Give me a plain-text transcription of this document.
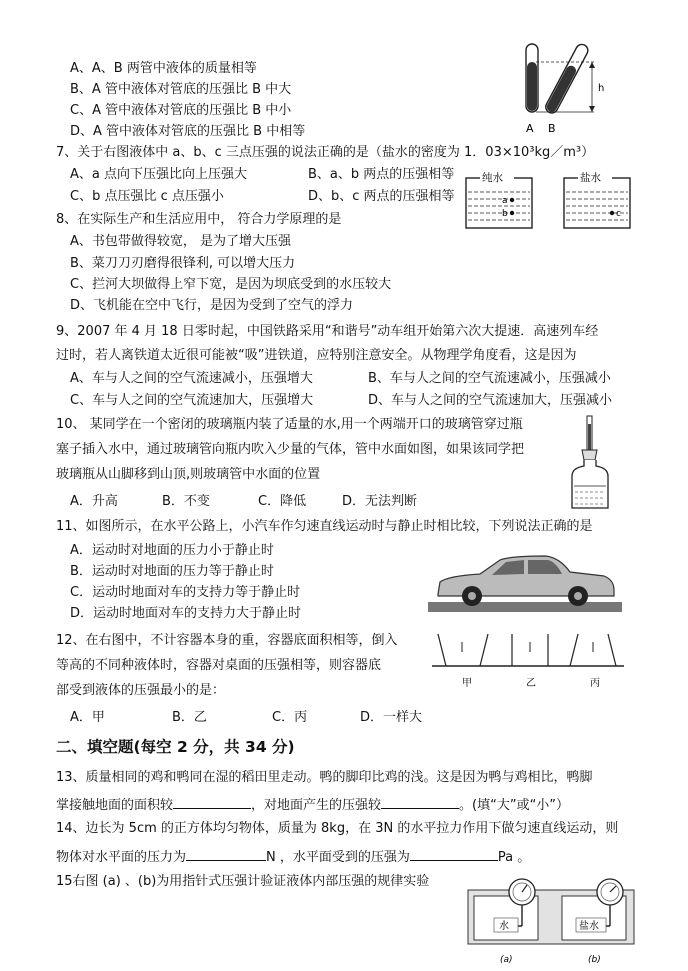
A、A、B 两管中液体的质量相等
B、A 管中液体对管底的压强比 B 中大
C、A 管中液体对管底的压强比 B 中小
D、A 管中液体对管底的压强比 B 中相等
h
A B
7、关于右图液体中 a、b、c 三点压强的说法正确的是（盐水的密度为 1．03×10³kg／m³）
A、a 点向下压强比向上压强大	B、a、b 两点的压强相等
C、b 点压强比 c 点压强小	D、b、c 两点的压强相等
纯水
a
b
盐水
c
8、在实际生产和生活应用中， 符合力学原理的是
A、书包带做得较宽， 是为了增大压强
B、菜刀刀刃磨得很锋利, 可以增大压力
C、拦河大坝做得上窄下宽，是因为坝底受到的水压较大
D、飞机能在空中飞行，是因为受到了空气的浮力
9、2007 年 4 月 18 日零时起，中国铁路采用“和谐号”动车组开始第六次大提速．高速列车经
过时，若人离铁道太近很可能被“吸”进铁道，应特别注意安全。从物理学角度看，这是因为
A、车与人之间的空气流速减小，压强增大	B、车与人之间的空气流速减小，压强减小
C、车与人之间的空气流速加大，压强增大	D、车与人之间的空气流速加大，压强减小
10、 某同学在一个密闭的玻璃瓶内装了适量的水,用一个两端开口的玻璃管穿过瓶
塞子插入水中，通过玻璃管向瓶内吹入少量的气体，管中水面如图，如果该同学把
玻璃瓶从山脚移到山顶,则玻璃管中水面的位置
A．升高	B．不变	C．降低	D．无法判断
11、如图所示，在水平公路上，小汽车作匀速直线运动时与静止时相比较，下列说法正确的是
A．运动时对地面的压力小于静止时
B．运动时对地面的压力等于静止时
C．运动时地面对车的支持力等于静止时
D．运动时地面对车的支持力大于静止时
12、在右图中，不计容器本身的重，容器底面积相等，倒入
等高的不同种液体时，容器对桌面的压强相等，则容器底
部受到液体的压强最小的是：
A．甲	B．乙	C．丙	D．一样大
甲	乙	丙
二、填空题(每空 2 分，共 34 分)
13、质量相同的鸡和鸭同在湿的稻田里走动。鸭的脚印比鸡的浅。这是因为鸭与鸡相比，鸭脚
掌接触地面的面积较	，对地面产生的压强较	。(填“大”或“小”）
14、边长为 5cm 的正方体均匀物体，质量为 8kg，在 3N 的水平拉力作用下做匀速直线运动，则
物体对水平面的压力为	N ，水平面受到的压强为	Pa 。
15右图 (a) 、(b)为用指针式压强计验证液体内部压强的规律实验
水	盐水
(a)	(b)
